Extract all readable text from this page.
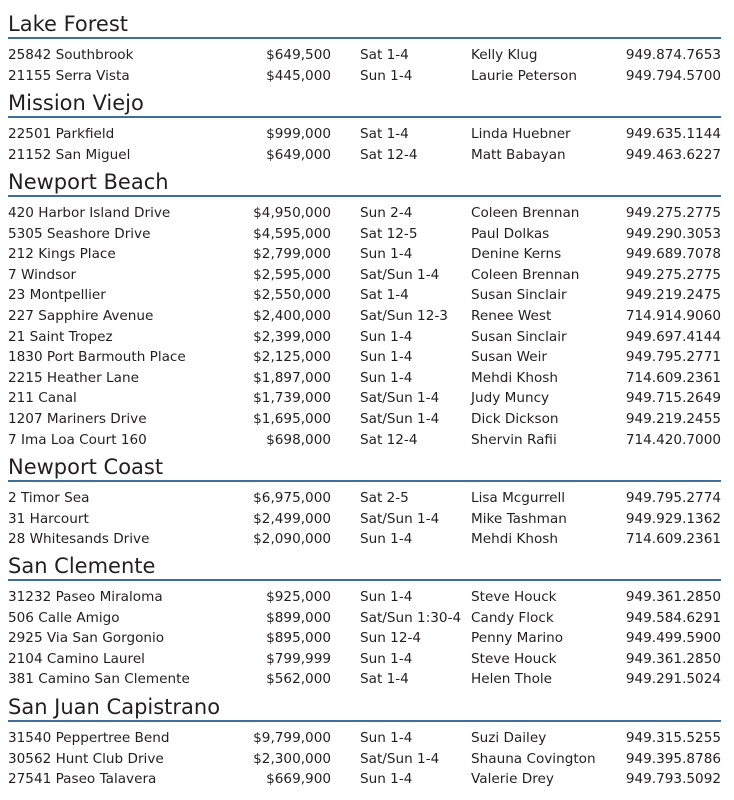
Lake Forest
25842 Southbrook	$649,500 Sat 1-4	Kelly Klug	949.874.7653
21155 Serra Vista	$445,000 Sun 1-4	Laurie Peterson	949.794.5700
Mission Viejo
22501 Parkfield	$999,000 Sat 1-4	Linda Huebner	949.635.1144
21152 San Miguel	$649,000 Sat 12-4	Matt Babayan	949.463.6227
Newport Beach
420 Harbor Island Drive	$4,950,000 Sun 2-4	Coleen Brennan	949.275.2775
5305 Seashore Drive	$4,595,000 Sat 12-5	Paul Dolkas	949.290.3053
212 Kings Place	$2,799,000 Sun 1-4	Denine Kerns	949.689.7078
7 Windsor	$2,595,000 Sat/Sun 1-4 Coleen Brennan	949.275.2775
23 Montpellier	$2,550,000 Sat 1-4	Susan Sinclair	949.219.2475
227 Sapphire Avenue	$2,400,000 Sat/Sun 12-3 Renee West	714.914.9060
21 Saint Tropez	$2,399,000 Sun 1-4	Susan Sinclair	949.697.4144
1830 Port Barmouth Place	$2,125,000 Sun 1-4	Susan Weir	949.795.2771
2215 Heather Lane	$1,897,000 Sun 1-4	Mehdi Khosh	714.609.2361
211 Canal	$1,739,000 Sat/Sun 1-4 Judy Muncy	949.715.2649
1207 Mariners Drive	$1,695,000 Sat/Sun 1-4 Dick Dickson	949.219.2455
7 Ima Loa Court 160	$698,000 Sat 12-4	Shervin Rafii	714.420.7000
Newport Coast
2 Timor Sea	$6,975,000 Sat 2-5	Lisa Mcgurrell	949.795.2774
31 Harcourt	$2,499,000 Sat/Sun 1-4 Mike Tashman	949.929.1362
28 Whitesands Drive	$2,090,000 Sun 1-4	Mehdi Khosh	714.609.2361
San Clemente
31232 Paseo Miraloma	$925,000 Sun 1-4	Steve Houck	949.361.2850
506 Calle Amigo	$899,000 Sat/Sun 1:30-4 Candy Flock	949.584.6291
2925 Via San Gorgonio	$895,000 Sun 12-4	Penny Marino	949.499.5900
2104 Camino Laurel	$799,999 Sun 1-4	Steve Houck	949.361.2850
381 Camino San Clemente	$562,000 Sat 1-4	Helen Thole	949.291.5024
San Juan Capistrano
31540 Peppertree Bend	$9,799,000 Sun 1-4	Suzi Dailey	949.315.5255
30562 Hunt Club Drive	$2,300,000 Sat/Sun 1-4 Shauna Covington 949.395.8786
27541 Paseo Talavera	$669,900 Sun 1-4	Valerie Drey	949.793.5092
